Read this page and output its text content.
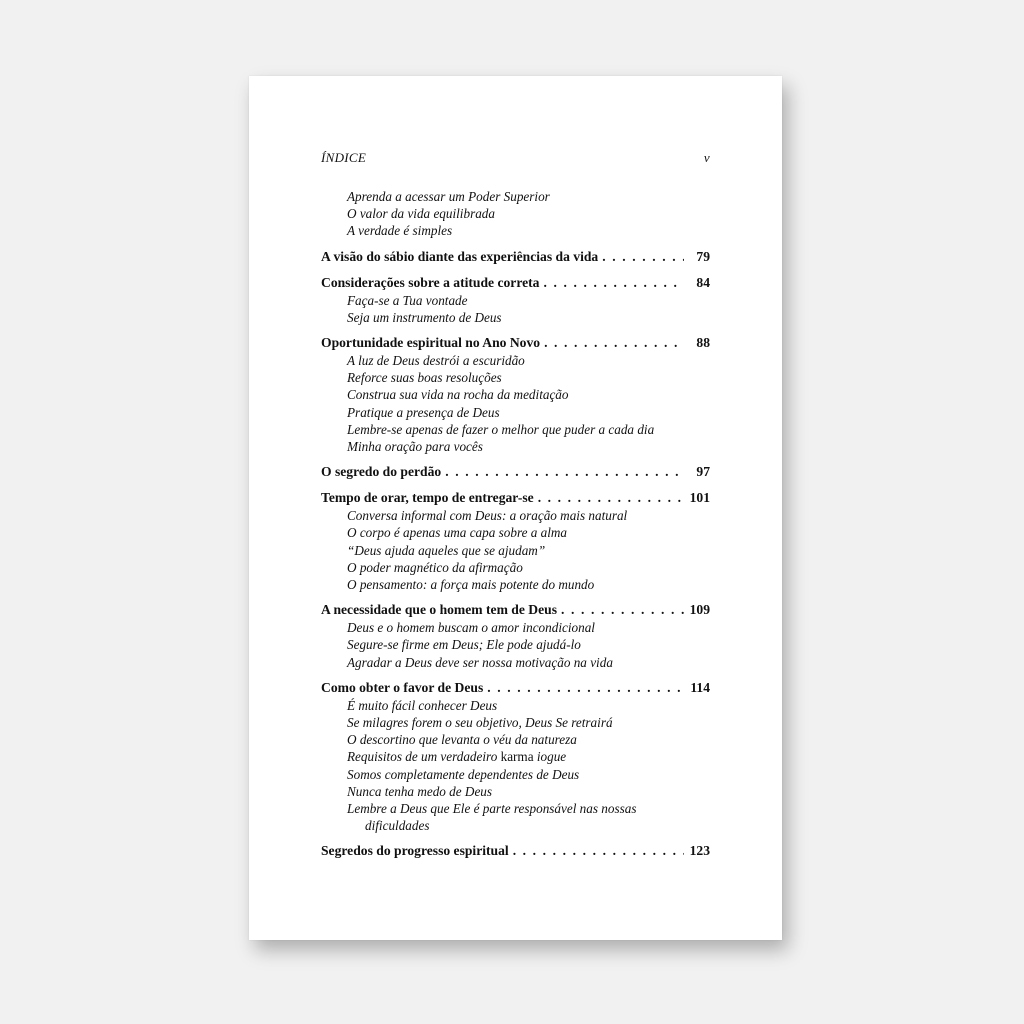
ÍNDICE	v
Aprenda a acessar um Poder Superior
O valor da vida equilibrada
A verdade é simples
A visão do sábio diante das experiências da vida . . .	79
Considerações sobre a atitude correta . . .	84
Faça-se a Tua vontade
Seja um instrumento de Deus
Oportunidade espiritual no Ano Novo . . .	88
A luz de Deus destrói a escuridão
Reforce suas boas resoluções
Construa sua vida na rocha da meditação
Pratique a presença de Deus
Lembre-se apenas de fazer o melhor que puder a cada dia
Minha oração para vocês
O segredo do perdão . . .	97
Tempo de orar, tempo de entregar-se . . .	101
Conversa informal com Deus: a oração mais natural
O corpo é apenas uma capa sobre a alma
“Deus ajuda aqueles que se ajudam”
O poder magnético da afirmação
O pensamento: a força mais potente do mundo
A necessidade que o homem tem de Deus . . .	109
Deus e o homem buscam o amor incondicional
Segure-se firme em Deus; Ele pode ajudá-lo
Agradar a Deus deve ser nossa motivação na vida
Como obter o favor de Deus . . .	114
É muito fácil conhecer Deus
Se milagres forem o seu objetivo, Deus Se retrairá
O descortino que levanta o véu da natureza
Requisitos de um verdadeiro karma iogue
Somos completamente dependentes de Deus
Nunca tenha medo de Deus
Lembre a Deus que Ele é parte responsável nas nossas
dificuldades
Segredos do progresso espiritual . . .	123
